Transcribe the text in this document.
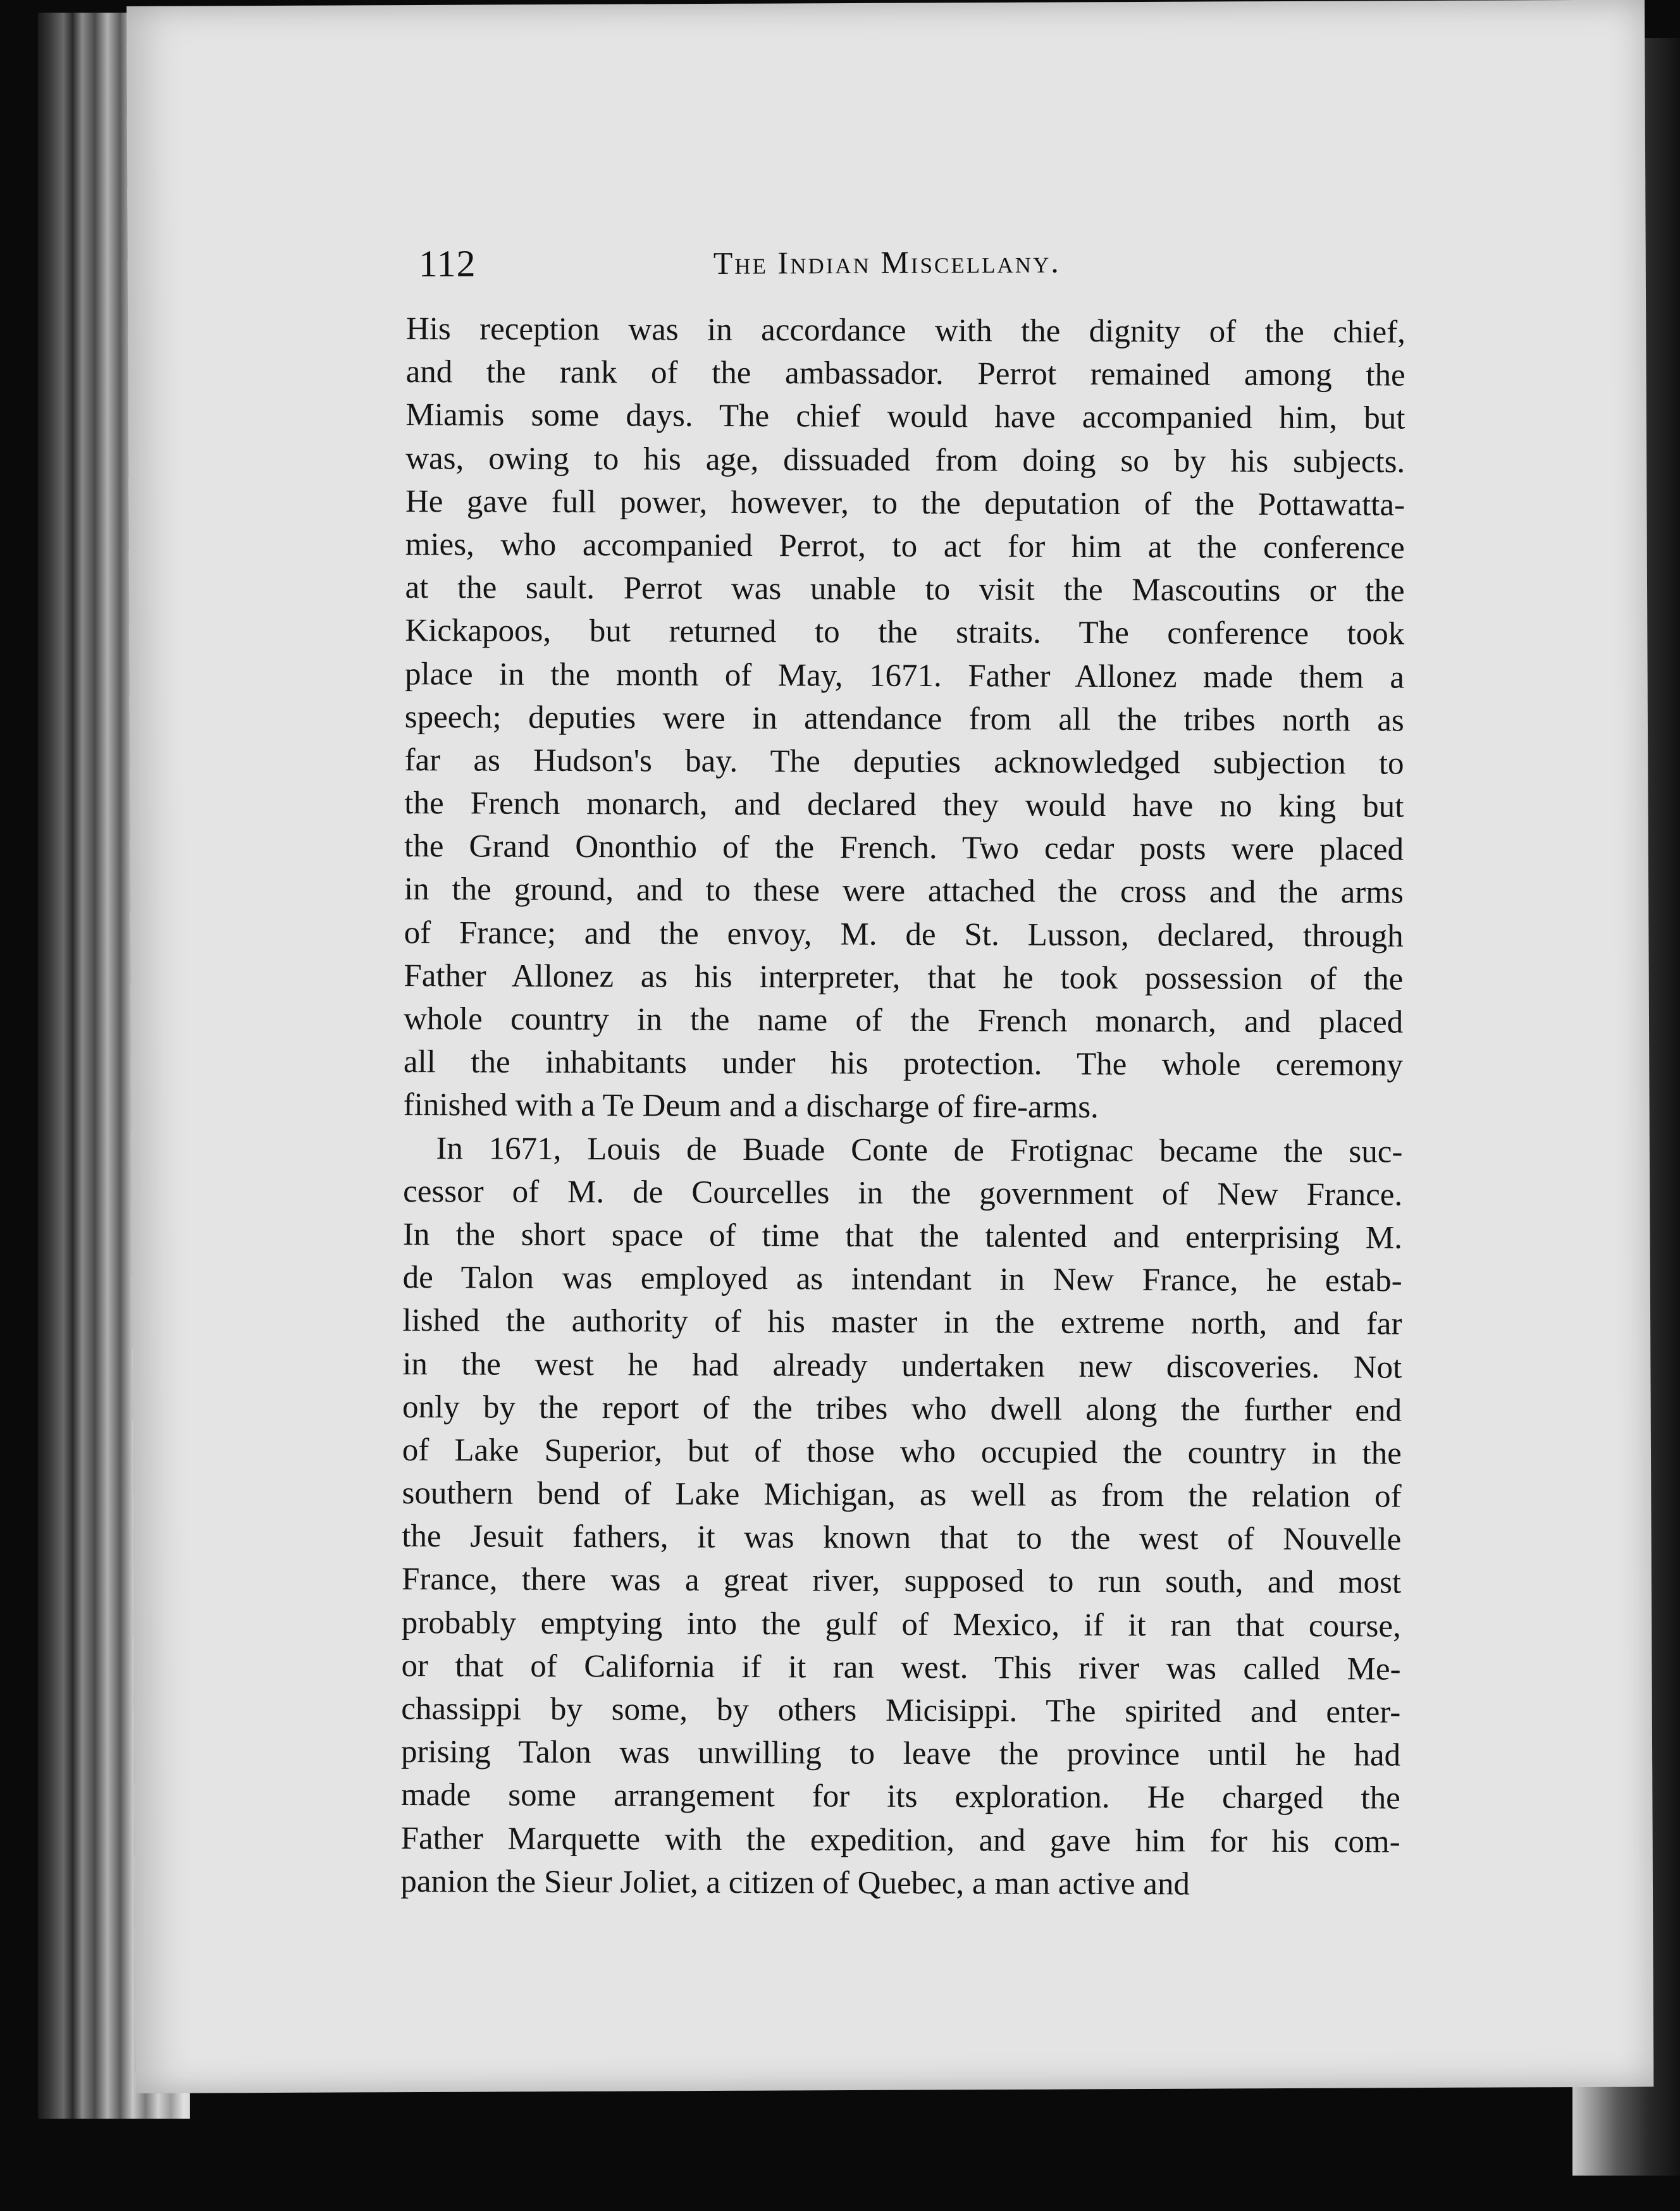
112	The Indian Miscellany.
His reception was in accordance with the dignity of the chief,
and the rank of the ambassador. Perrot remained among the
Miamis some days. The chief would have accompanied him, but
was, owing to his age, dissuaded from doing so by his subjects.
He gave full power, however, to the deputation of the Pottawatta-
mies, who accompanied Perrot, to act for him at the conference
at the sault. Perrot was unable to visit the Mascoutins or the
Kickapoos, but returned to the straits. The conference took
place in the month of May, 1671. Father Allonez made them a
speech; deputies were in attendance from all the tribes north as
far as Hudson's bay. The deputies acknowledged subjection to
the French monarch, and declared they would have no king but
the Grand Ononthio of the French. Two cedar posts were placed
in the ground, and to these were attached the cross and the arms
of France; and the envoy, M. de St. Lusson, declared, through
Father Allonez as his interpreter, that he took possession of the
whole country in the name of the French monarch, and placed
all the inhabitants under his protection. The whole ceremony
finished with a Te Deum and a discharge of fire-arms.
In 1671, Louis de Buade Conte de Frotignac became the suc-
cessor of M. de Courcelles in the government of New France.
In the short space of time that the talented and enterprising M.
de Talon was employed as intendant in New France, he estab-
lished the authority of his master in the extreme north, and far
in the west he had already undertaken new discoveries. Not
only by the report of the tribes who dwell along the further end
of Lake Superior, but of those who occupied the country in the
southern bend of Lake Michigan, as well as from the relation of
the Jesuit fathers, it was known that to the west of Nouvelle
France, there was a great river, supposed to run south, and most
probably emptying into the gulf of Mexico, if it ran that course,
or that of California if it ran west. This river was called Me-
chassippi by some, by others Micisippi. The spirited and enter-
prising Talon was unwilling to leave the province until he had
made some arrangement for its exploration. He charged the
Father Marquette with the expedition, and gave him for his com-
panion the Sieur Joliet, a citizen of Quebec, a man active and
